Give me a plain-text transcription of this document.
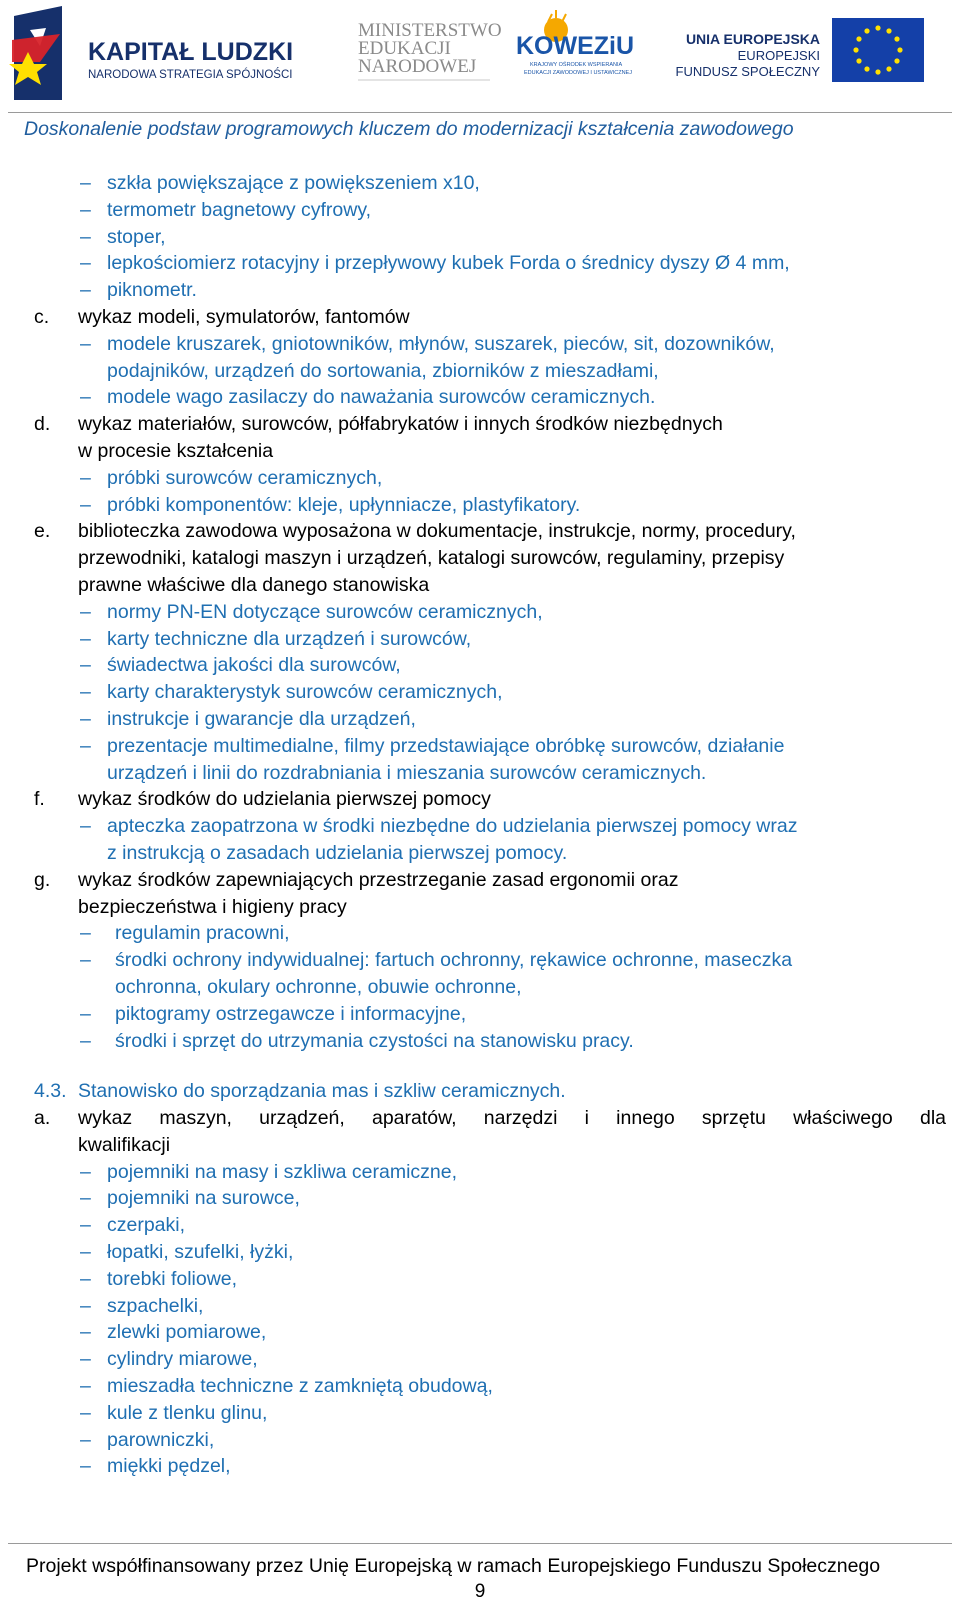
KAPITAŁ LUDZKI
NARODOWA STRATEGIA SPÓJNOŚCI
MINISTERSTWO
EDUKACJI
NARODOWEJ
KOWEZiU
KRAJOWY OŚRODEK WSPIERANIA
EDUKACJI ZAWODOWEJ I USTAWICZNEJ
UNIA EUROPEJSKA
EUROPEJSKI
FUNDUSZ SPOŁECZNY
Doskonalenie podstaw programowych kluczem do modernizacji kształcenia zawodowego
– szkła powiększające z powiększeniem x10,
– termometr bagnetowy cyfrowy,
– stoper,
– lepkościomierz rotacyjny i przepływowy kubek Forda o średnicy dyszy Ø 4 mm,
– piknometr.
c. wykaz modeli, symulatorów, fantomów
– modele kruszarek, gniotowników, młynów, suszarek, pieców, sit, dozowników,
podajników, urządzeń do sortowania, zbiorników z mieszadłami,
– modele wago zasilaczy do naważania surowców ceramicznych.
d. wykaz materiałów, surowców, półfabrykatów i innych środków niezbędnych
w procesie kształcenia
– próbki surowców ceramicznych,
– próbki komponentów: kleje, upłynniacze, plastyfikatory.
e. biblioteczka zawodowa wyposażona w dokumentacje, instrukcje, normy, procedury,
przewodniki, katalogi maszyn i urządzeń, katalogi surowców, regulaminy, przepisy
prawne właściwe dla danego stanowiska
– normy PN-EN dotyczące surowców ceramicznych,
– karty techniczne dla urządzeń i surowców,
– świadectwa jakości dla surowców,
– karty charakterystyk surowców ceramicznych,
– instrukcje i gwarancje dla urządzeń,
– prezentacje multimedialne, filmy przedstawiające obróbkę surowców, działanie
urządzeń i linii do rozdrabniania i mieszania surowców ceramicznych.
f. wykaz środków do udzielania pierwszej pomocy
– apteczka zaopatrzona w środki niezbędne do udzielania pierwszej pomocy wraz
z instrukcją o zasadach udzielania pierwszej pomocy.
g. wykaz środków zapewniających przestrzeganie zasad ergonomii oraz
bezpieczeństwa i higieny pracy
– regulamin pracowni,
– środki ochrony indywidualnej: fartuch ochronny, rękawice ochronne, maseczka
ochronna, okulary ochronne, obuwie ochronne,
– piktogramy ostrzegawcze i informacyjne,
– środki i sprzęt do utrzymania czystości na stanowisku pracy.
4.3. Stanowisko do sporządzania mas i szkliw ceramicznych.
a. wykaz maszyn, urządzeń, aparatów, narzędzi i innego sprzętu właściwego dla
kwalifikacji
– pojemniki na masy i szkliwa ceramiczne,
– pojemniki na surowce,
– czerpaki,
– łopatki, szufelki, łyżki,
– torebki foliowe,
– szpachelki,
– zlewki pomiarowe,
– cylindry miarowe,
– mieszadła techniczne z zamkniętą obudową,
– kule z tlenku glinu,
– parowniczki,
– miękki pędzel,
Projekt współfinansowany przez Unię Europejską w ramach Europejskiego Funduszu Społecznego
9
